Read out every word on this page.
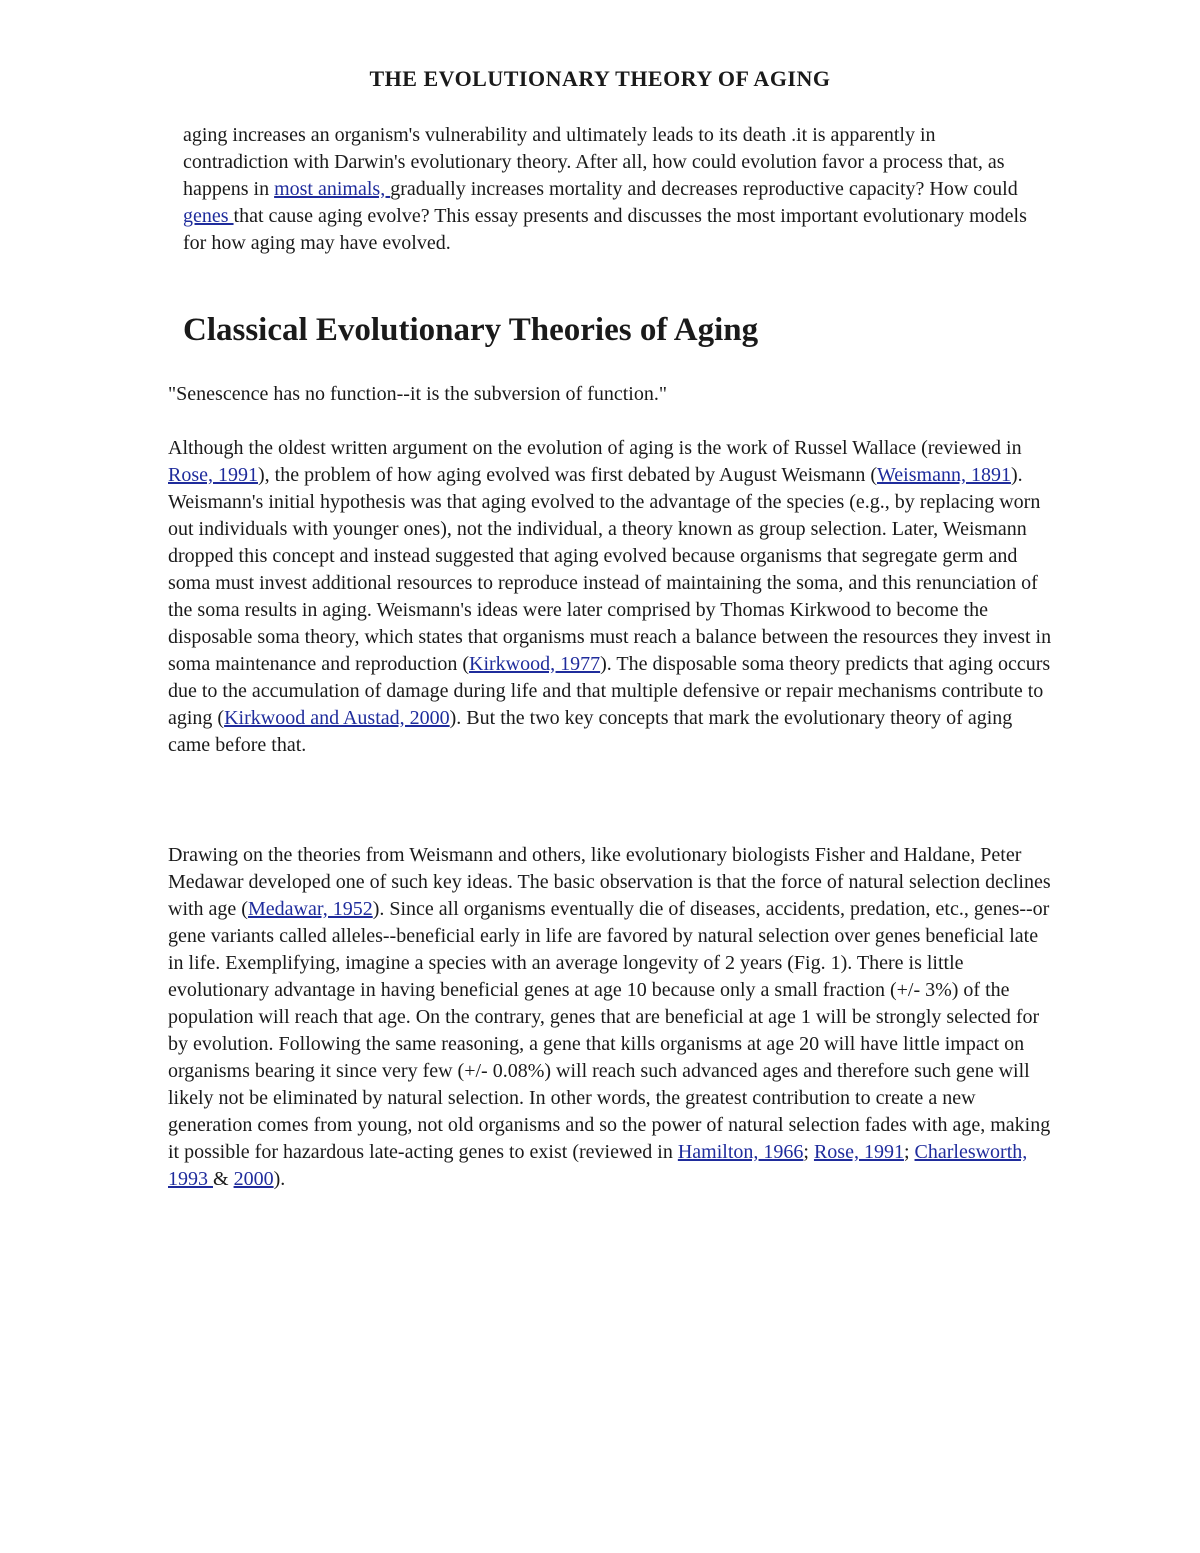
THE EVOLUTIONARY THEORY OF AGING

aging increases an organism's vulnerability and ultimately leads to its death .it is apparently in contradiction with Darwin's evolutionary theory. After all, how could evolution favor a process that, as happens in most animals, gradually increases mortality and decreases reproductive capacity? How could genes that cause aging evolve? This essay presents and discusses the most important evolutionary models for how aging may have evolved.

Classical Evolutionary Theories of Aging

"Senescence has no function--it is the subversion of function."

Although the oldest written argument on the evolution of aging is the work of Russel Wallace (reviewed in Rose, 1991), the problem of how aging evolved was first debated by August Weismann (Weismann, 1891). Weismann's initial hypothesis was that aging evolved to the advantage of the species (e.g., by replacing worn out individuals with younger ones), not the individual, a theory known as group selection. Later, Weismann dropped this concept and instead suggested that aging evolved because organisms that segregate germ and soma must invest additional resources to reproduce instead of maintaining the soma, and this renunciation of the soma results in aging. Weismann's ideas were later comprised by Thomas Kirkwood to become the disposable soma theory, which states that organisms must reach a balance between the resources they invest in soma maintenance and reproduction (Kirkwood, 1977). The disposable soma theory predicts that aging occurs due to the accumulation of damage during life and that multiple defensive or repair mechanisms contribute to aging (Kirkwood and Austad, 2000). But the two key concepts that mark the evolutionary theory of aging came before that.

Drawing on the theories from Weismann and others, like evolutionary biologists Fisher and Haldane, Peter Medawar developed one of such key ideas. The basic observation is that the force of natural selection declines with age (Medawar, 1952). Since all organisms eventually die of diseases, accidents, predation, etc., genes--or gene variants called alleles--beneficial early in life are favored by natural selection over genes beneficial late in life. Exemplifying, imagine a species with an average longevity of 2 years (Fig. 1). There is little evolutionary advantage in having beneficial genes at age 10 because only a small fraction (+/- 3%) of the population will reach that age. On the contrary, genes that are beneficial at age 1 will be strongly selected for by evolution. Following the same reasoning, a gene that kills organisms at age 20 will have little impact on organisms bearing it since very few (+/- 0.08%) will reach such advanced ages and therefore such gene will likely not be eliminated by natural selection. In other words, the greatest contribution to create a new generation comes from young, not old organisms and so the power of natural selection fades with age, making it possible for hazardous late-acting genes to exist (reviewed in Hamilton, 1966; Rose, 1991; Charlesworth, 1993 & 2000).
